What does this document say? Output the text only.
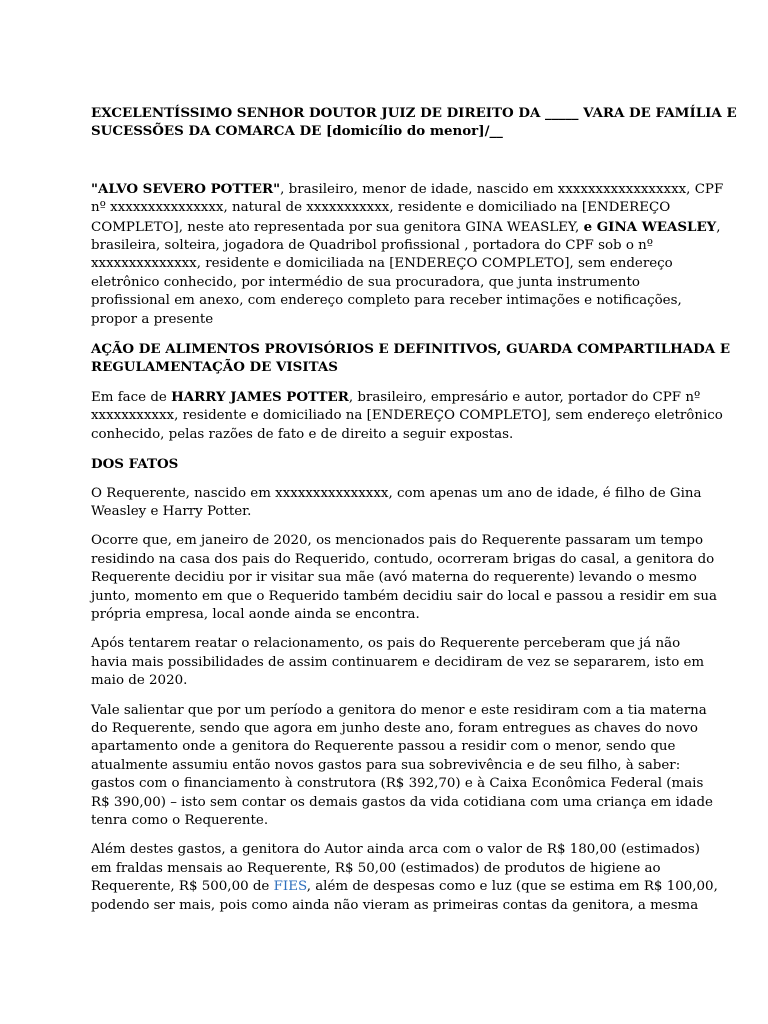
EXCELENTÍSSIMO SENHOR DOUTOR JUIZ DE DIREITO DA _____ VARA DE FAMÍLIA E
SUCESSÕES DA COMARCA DE [domicílio do menor]/__
"ALVO SEVERO POTTER", brasileiro, menor de idade, nascido em xxxxxxxxxxxxxxxxx, CPF
nº xxxxxxxxxxxxxxx, natural de xxxxxxxxxxx, residente e domiciliado na [ENDEREÇO
COMPLETO], neste ato representada por sua genitora GINA WEASLEY, e GINA WEASLEY,
brasileira, solteira, jogadora de Quadribol profissional , portadora do CPF sob o nº
xxxxxxxxxxxxxx, residente e domiciliada na [ENDEREÇO COMPLETO], sem endereço
eletrônico conhecido, por intermédio de sua procuradora, que junta instrumento
profissional em anexo, com endereço completo para receber intimações e notificações,
propor a presente
AÇÃO DE ALIMENTOS PROVISÓRIOS E DEFINITIVOS, GUARDA COMPARTILHADA E
REGULAMENTAÇÃO DE VISITAS
Em face de HARRY JAMES POTTER, brasileiro, empresário e autor, portador do CPF nº
xxxxxxxxxxx, residente e domiciliado na [ENDEREÇO COMPLETO], sem endereço eletrônico
conhecido, pelas razões de fato e de direito a seguir expostas.
DOS FATOS
O Requerente, nascido em xxxxxxxxxxxxxxx, com apenas um ano de idade, é filho de Gina
Weasley e Harry Potter.
Ocorre que, em janeiro de 2020, os mencionados pais do Requerente passaram um tempo
residindo na casa dos pais do Requerido, contudo, ocorreram brigas do casal, a genitora do
Requerente decidiu por ir visitar sua mãe (avó materna do requerente) levando o mesmo
junto, momento em que o Requerido também decidiu sair do local e passou a residir em sua
própria empresa, local aonde ainda se encontra.
Após tentarem reatar o relacionamento, os pais do Requerente perceberam que já não
havia mais possibilidades de assim continuarem e decidiram de vez se separarem, isto em
maio de 2020.
Vale salientar que por um período a genitora do menor e este residiram com a tia materna
do Requerente, sendo que agora em junho deste ano, foram entregues as chaves do novo
apartamento onde a genitora do Requerente passou a residir com o menor, sendo que
atualmente assumiu então novos gastos para sua sobrevivência e de seu filho, à saber:
gastos com o financiamento à construtora (R$ 392,70) e à Caixa Econômica Federal (mais
R$ 390,00) – isto sem contar os demais gastos da vida cotidiana com uma criança em idade
tenra como o Requerente.
Além destes gastos, a genitora do Autor ainda arca com o valor de R$ 180,00 (estimados)
em fraldas mensais ao Requerente, R$ 50,00 (estimados) de produtos de higiene ao
Requerente, R$ 500,00 de FIES, além de despesas como e luz (que se estima em R$ 100,00,
podendo ser mais, pois como ainda não vieram as primeiras contas da genitora, a mesma
